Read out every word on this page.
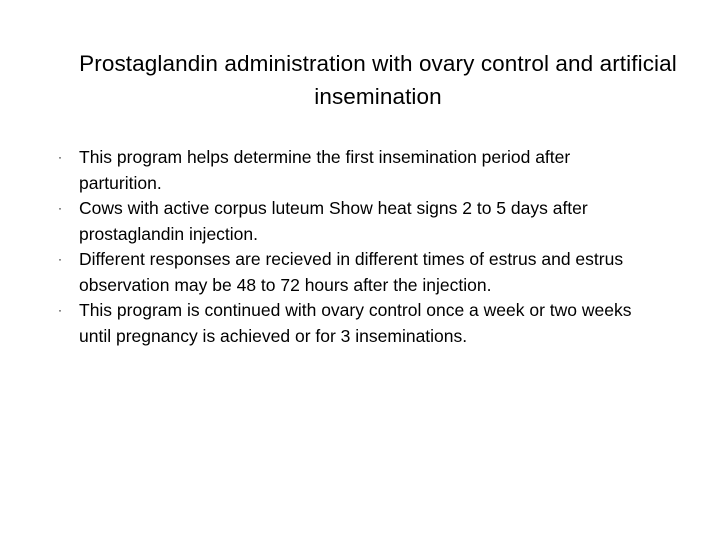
Prostaglandin administration with ovary control and artificial insemination
· This program helps determine the first insemination period after parturition.
· Cows with active corpus luteum Show heat signs 2 to 5 days after prostaglandin injection.
· Different responses are recieved in different times of estrus and estrus observation may be 48 to 72 hours after the injection.
· This program is continued with ovary control once a week or two weeks until pregnancy is achieved or for 3 inseminations.
